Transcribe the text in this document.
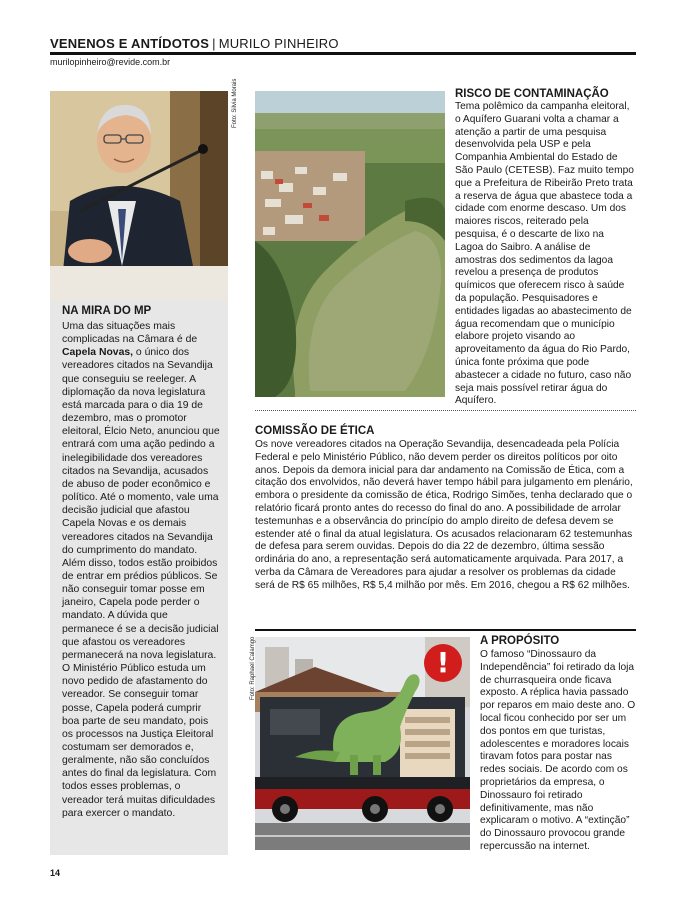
VENENOS E ANTÍDOTOS | MURILO PINHEIRO
murilopinheiro@revide.com.br
Foto: Silvia Morais
NA MIRA DO MP
Uma das situações mais complicadas na Câmara é de Capela Novas, o único dos vereadores citados na Sevandija que conseguiu se reeleger. A diplomação da nova legislatura está marcada para o dia 19 de dezembro, mas o promotor eleitoral, Élcio Neto, anunciou que entrará com uma ação pedindo a inelegibilidade dos vereadores citados na Sevandija, acusados de abuso de poder econômico e político. Até o momento, vale uma decisão judicial que afastou Capela Novas e os demais vereadores citados na Sevandija do cumprimento do mandato. Além disso, todos estão proibidos de entrar em prédios públicos. Se não conseguir tomar posse em janeiro, Capela pode perder o mandato. A dúvida que permanece é se a decisão judicial que afastou os vereadores permanecerá na nova legislatura. O Ministério Público estuda um novo pedido de afastamento do vereador. Se conseguir tomar posse, Capela poderá cumprir boa parte de seu mandato, pois os processos na Justiça Eleitoral costumam ser demorados e, geralmente, não são concluídos antes do final da legislatura. Com todos esses problemas, o vereador terá muitas dificuldades para exercer o mandato.
RISCO DE CONTAMINAÇÃO
Tema polêmico da campanha eleitoral, o Aquífero Guarani volta a chamar a atenção a partir de uma pesquisa desenvolvida pela USP e pela Companhia Ambiental do Estado de São Paulo (CETESB). Faz muito tempo que a Prefeitura de Ribeirão Preto trata a reserva de água que abastece toda a cidade com enorme descaso. Um dos maiores riscos, reiterado pela pesquisa, é o descarte de lixo na Lagoa do Saibro. A análise de amostras dos sedimentos da lagoa revelou a presença de produtos químicos que oferecem risco à saúde da população. Pesquisadores e entidades ligadas ao abastecimento de água recomendam que o município elabore projeto visando ao aproveitamento da água do Rio Pardo, única fonte próxima que pode abastecer a cidade no futuro, caso não seja mais possível retirar água do Aquífero.
COMISSÃO DE ÉTICA
Os nove vereadores citados na Operação Sevandija, desencadeada pela Polícia Federal e pelo Ministério Público, não devem perder os direitos políticos por oito anos. Depois da demora inicial para dar andamento na Comissão de Ética, com a citação dos envolvidos, não deverá haver tempo hábil para julgamento em plenário, embora o presidente da comissão de ética, Rodrigo Simões, tenha declarado que o relatório ficará pronto antes do recesso do final do ano. A possibilidade de arrolar testemunhas e a observância do princípio do amplo direito de defesa devem se estender até o final da atual legislatura. Os acusados relacionaram 62 testemunhas de defesa para serem ouvidas. Depois do dia 22 de dezembro, última sessão ordinária do ano, a representação será automaticamente arquivada. Para 2017, a verba da Câmara de Vereadores para ajudar a resolver os problemas da cidade será de R$ 65 milhões, R$ 5,4 milhão por mês. Em 2016, chegou a R$ 62 milhões.
!
Foto: Raphael Calamgo	A PROPÓSITO
O famoso “Dinossauro da Independência” foi retirado da loja de churrasqueira onde ficava exposto. A réplica havia passado por reparos em maio deste ano. O local ficou conhecido por ser um dos pontos em que turistas, adolescentes e moradores locais tiravam fotos para postar nas redes sociais. De acordo com os proprietários da empresa, o Dinossauro foi retirado definitivamente, mas não explicaram o motivo. A “extinção” do Dinossauro provocou grande repercussão na internet.
14
